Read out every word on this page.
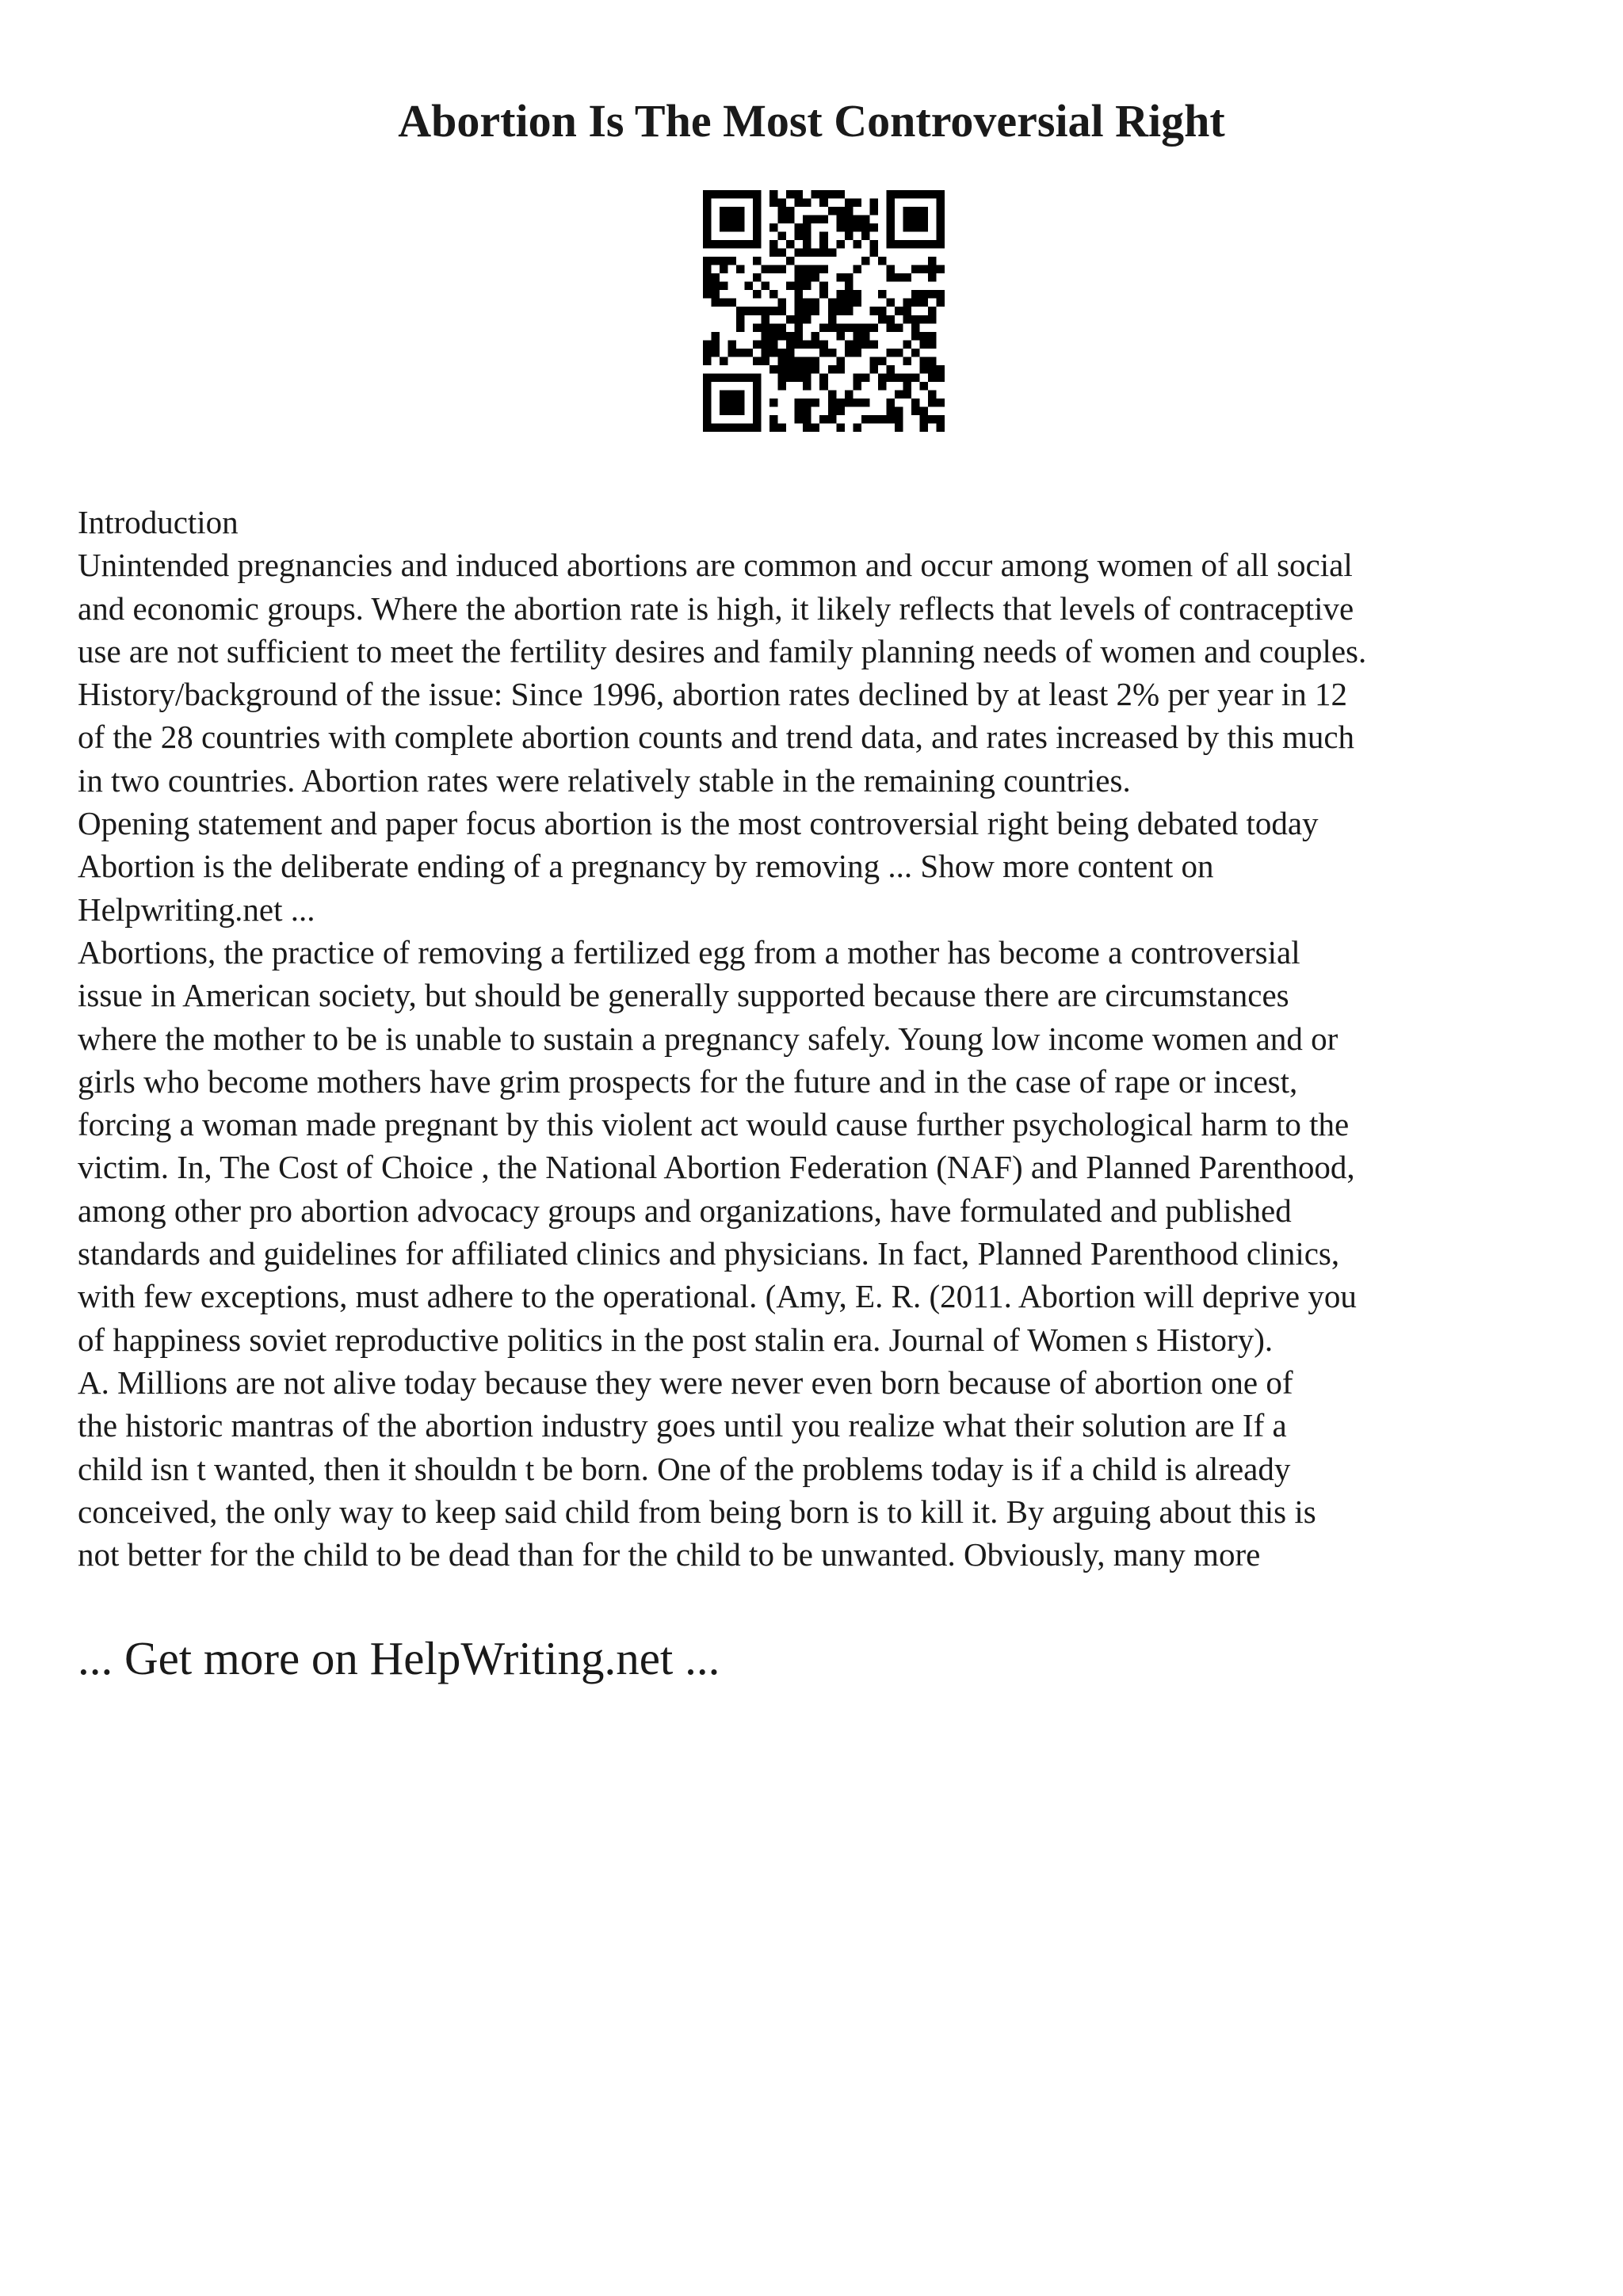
Abortion Is The Most Controversial Right
Introduction
Unintended pregnancies and induced abortions are common and occur among women of all social
and economic groups. Where the abortion rate is high, it likely reflects that levels of contraceptive
use are not sufficient to meet the fertility desires and family planning needs of women and couples.
History/background of the issue: Since 1996, abortion rates declined by at least 2% per year in 12
of the 28 countries with complete abortion counts and trend data, and rates increased by this much
in two countries. Abortion rates were relatively stable in the remaining countries.
Opening statement and paper focus abortion is the most controversial right being debated today
Abortion is the deliberate ending of a pregnancy by removing ... Show more content on
Helpwriting.net ...
Abortions, the practice of removing a fertilized egg from a mother has become a controversial
issue in American society, but should be generally supported because there are circumstances
where the mother to be is unable to sustain a pregnancy safely. Young low income women and or
girls who become mothers have grim prospects for the future and in the case of rape or incest,
forcing a woman made pregnant by this violent act would cause further psychological harm to the
victim. In, The Cost of Choice , the National Abortion Federation (NAF) and Planned Parenthood,
among other pro abortion advocacy groups and organizations, have formulated and published
standards and guidelines for affiliated clinics and physicians. In fact, Planned Parenthood clinics,
with few exceptions, must adhere to the operational. (Amy, E. R. (2011. Abortion will deprive you
of happiness soviet reproductive politics in the post stalin era. Journal of Women s History).
A. Millions are not alive today because they were never even born because of abortion one of
the historic mantras of the abortion industry goes until you realize what their solution are If a
child isn t wanted, then it shouldn t be born. One of the problems today is if a child is already
conceived, the only way to keep said child from being born is to kill it. By arguing about this is
not better for the child to be dead than for the child to be unwanted. Obviously, many more
... Get more on HelpWriting.net ...
